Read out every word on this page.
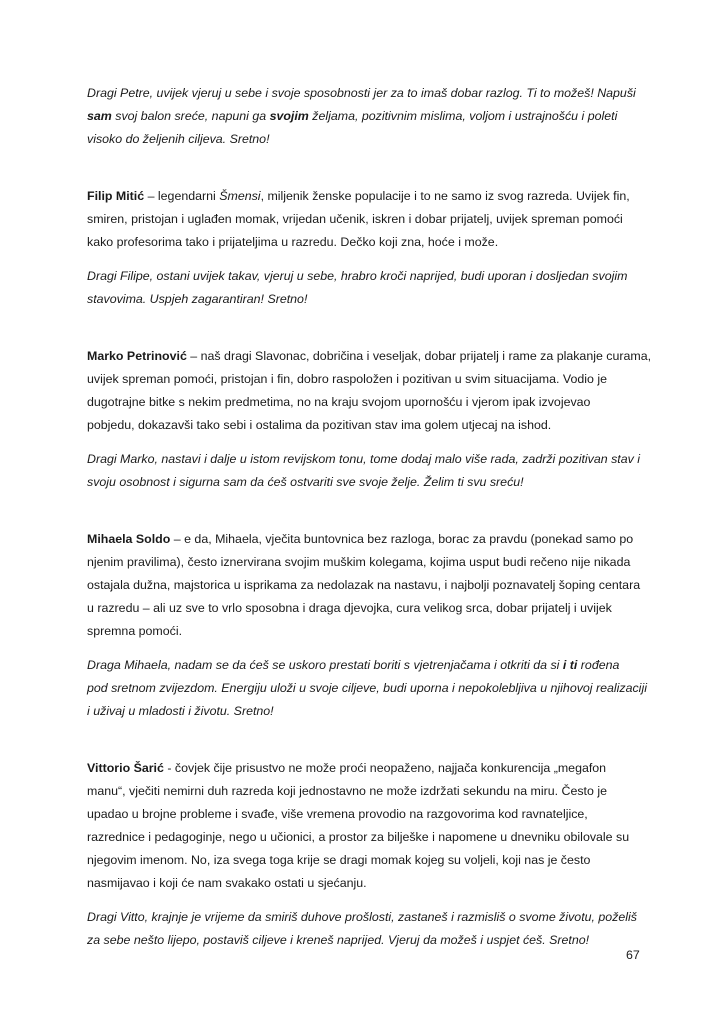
Dragi Petre, uvijek vjeruj u sebe i svoje sposobnosti jer za to imaš dobar razlog. Ti to možeš! Napuši
sam svoj balon sreće, napuni ga svojim željama, pozitivnim mislima, voljom i ustrajnošću i poleti
visoko do željenih ciljeva. Sretno!

Filip Mitić – legendarni Šmensi, miljenik ženske populacije i to ne samo iz svog razreda. Uvijek fin,
smiren, pristojan i uglađen momak, vrijedan učenik, iskren i dobar prijatelj, uvijek spreman pomoći
kako profesorima tako i prijateljima u razredu. Dečko koji zna, hoće i može.

Dragi Filipe, ostani uvijek takav, vjeruj u sebe, hrabro kroči naprijed, budi uporan i dosljedan svojim
stavovima. Uspjeh zagarantiran! Sretno!

Marko Petrinović – naš dragi Slavonac, dobričina i veseljak, dobar prijatelj i rame za plakanje curama,
uvijek spreman pomoći, pristojan i fin, dobro raspoložen i pozitivan u svim situacijama. Vodio je
dugotrajne bitke s nekim predmetima, no na kraju svojom upornošću i vjerom ipak izvojevao
pobjedu, dokazavši tako sebi i ostalima da pozitivan stav ima golem utjecaj na ishod.

Dragi Marko, nastavi i dalje u istom revijskom tonu, tome dodaj malo više rada, zadrži pozitivan stav i
svoju osobnost i sigurna sam da ćeš ostvariti sve svoje želje. Želim ti svu sreću!

Mihaela Soldo – e da, Mihaela, vječita buntovnica bez razloga, borac za pravdu (ponekad samo po
njenim pravilima), često iznervirana svojim muškim kolegama, kojima usput budi rečeno nije nikada
ostajala dužna, majstorica u isprikama za nedolazak na nastavu, i najbolji poznavatelj šoping centara
u razredu – ali uz sve to vrlo sposobna i draga djevojka, cura velikog srca, dobar prijatelj i uvijek
spremna pomoći.

Draga Mihaela, nadam se da ćeš se uskoro prestati boriti s vjetrenjačama i otkriti da si i ti rođena
pod sretnom zvijezdom. Energiju uloži u svoje ciljeve, budi uporna i nepokolebljiva u njihovoj realizaciji
i uživaj u mladosti i životu. Sretno!

Vittorio Šarić - čovjek čije prisustvo ne može proći neopaženo, najjača konkurencija „megafon
manu“, vječiti nemirni duh razreda koji jednostavno ne može izdržati sekundu na miru. Često je
upadao u brojne probleme i svađe, više vremena provodio na razgovorima kod ravnateljice,
razrednice i pedagoginje, nego u učionici, a prostor za bilješke i napomene u dnevniku obilovale su
njegovim imenom. No, iza svega toga krije se dragi momak kojeg su voljeli, koji nas je često
nasmijavao i koji će nam svakako ostati u sjećanju.

Dragi Vitto, krajnje je vrijeme da smiriš duhove prošlosti, zastaneš i razmisliš o svome životu, poželiš
za sebe nešto lijepo, postaviš ciljeve i kreneš naprijed. Vjeruj da možeš i uspjet ćeš. Sretno!

67
